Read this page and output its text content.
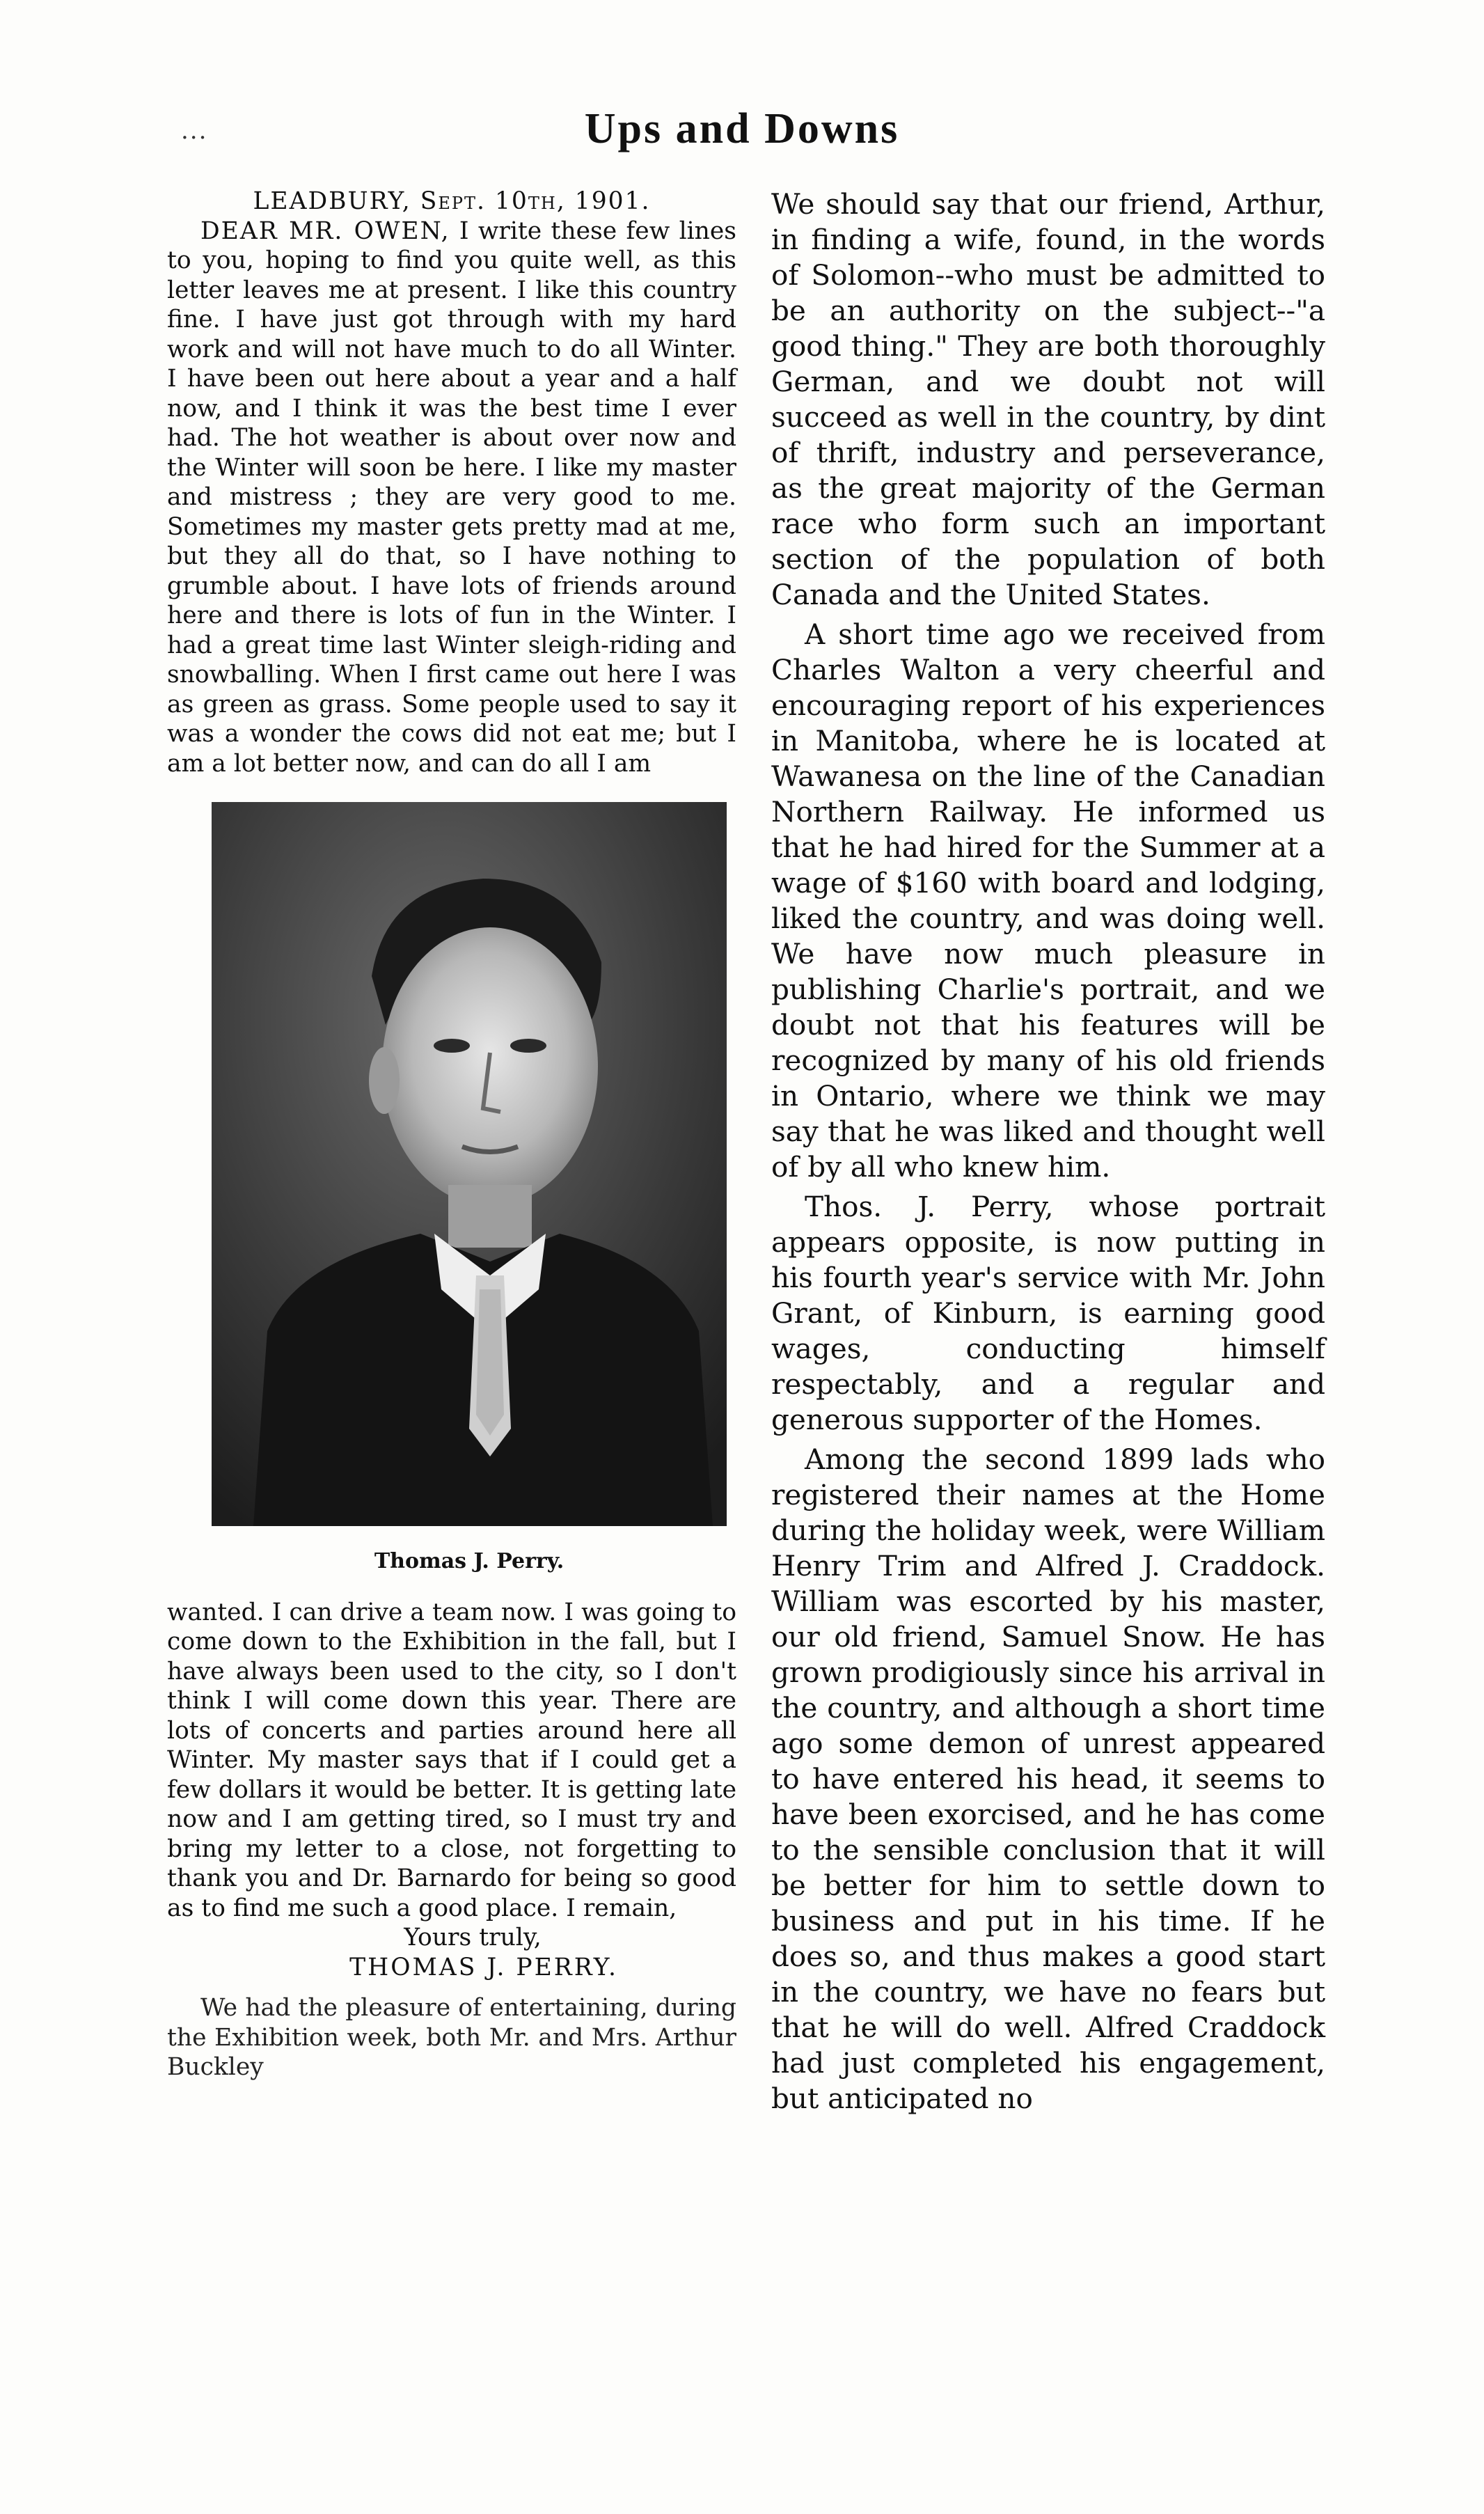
...	Ups and Downs

LEADBURY, Sept. 10th, 1901.

DEAR MR. OWEN, I write these few lines to you, hoping to find you quite well, as this letter leaves me at present. I like this country fine. I have just got through with my hard work and will not have much to do all Winter. I have been out here about a year and a half now, and I think it was the best time I ever had. The hot weather is about over now and the Winter will soon be here. I like my master and mistress ; they are very good to me. Sometimes my master gets pretty mad at me, but they all do that, so I have nothing to grumble about. I have lots of friends around here and there is lots of fun in the Winter. I had a great time last Winter sleigh-riding and snowballing. When I first came out here I was as green as grass. Some people used to say it was a wonder the cows did not eat me; but I am a lot better now, and can do all I am

Thomas J. Perry.

wanted. I can drive a team now. I was going to come down to the Exhibition in the fall, but I have always been used to the city, so I don't think I will come down this year. There are lots of concerts and parties around here all Winter. My master says that if I could get a few dollars it would be better. It is getting late now and I am getting tired, so I must try and bring my letter to a close, not forgetting to thank you and Dr. Barnardo for being so good as to find me such a good place. I remain,

Yours truly,

THOMAS J. PERRY.

We had the pleasure of entertaining, during the Exhibition week, both Mr. and Mrs. Arthur Buckley

We should say that our friend, Arthur, in finding a wife, found, in the words of Solomon--who must be admitted to be an authority on the subject--"a good thing." They are both thoroughly German, and we doubt not will succeed as well in the country, by dint of thrift, industry and perseverance, as the great majority of the German race who form such an important section of the population of both Canada and the United States.

A short time ago we received from Charles Walton a very cheerful and encouraging report of his experiences in Manitoba, where he is located at Wawanesa on the line of the Canadian Northern Railway. He informed us that he had hired for the Summer at a wage of $160 with board and lodging, liked the country, and was doing well. We have now much pleasure in publishing Charlie's portrait, and we doubt not that his features will be recognized by many of his old friends in Ontario, where we think we may say that he was liked and thought well of by all who knew him.

Thos. J. Perry, whose portrait appears opposite, is now putting in his fourth year's service with Mr. John Grant, of Kinburn, is earning good wages, conducting himself respectably, and a regular and generous supporter of the Homes.

Among the second 1899 lads who registered their names at the Home during the holiday week, were William Henry Trim and Alfred J. Craddock. William was escorted by his master, our old friend, Samuel Snow. He has grown prodigiously since his arrival in the country, and although a short time ago some demon of unrest appeared to have entered his head, it seems to have been exorcised, and he has come to the sensible conclusion that it will be better for him to settle down to business and put in his time. If he does so, and thus makes a good start in the country, we have no fears but that he will do well. Alfred Craddock had just completed his engagement, but anticipated no
